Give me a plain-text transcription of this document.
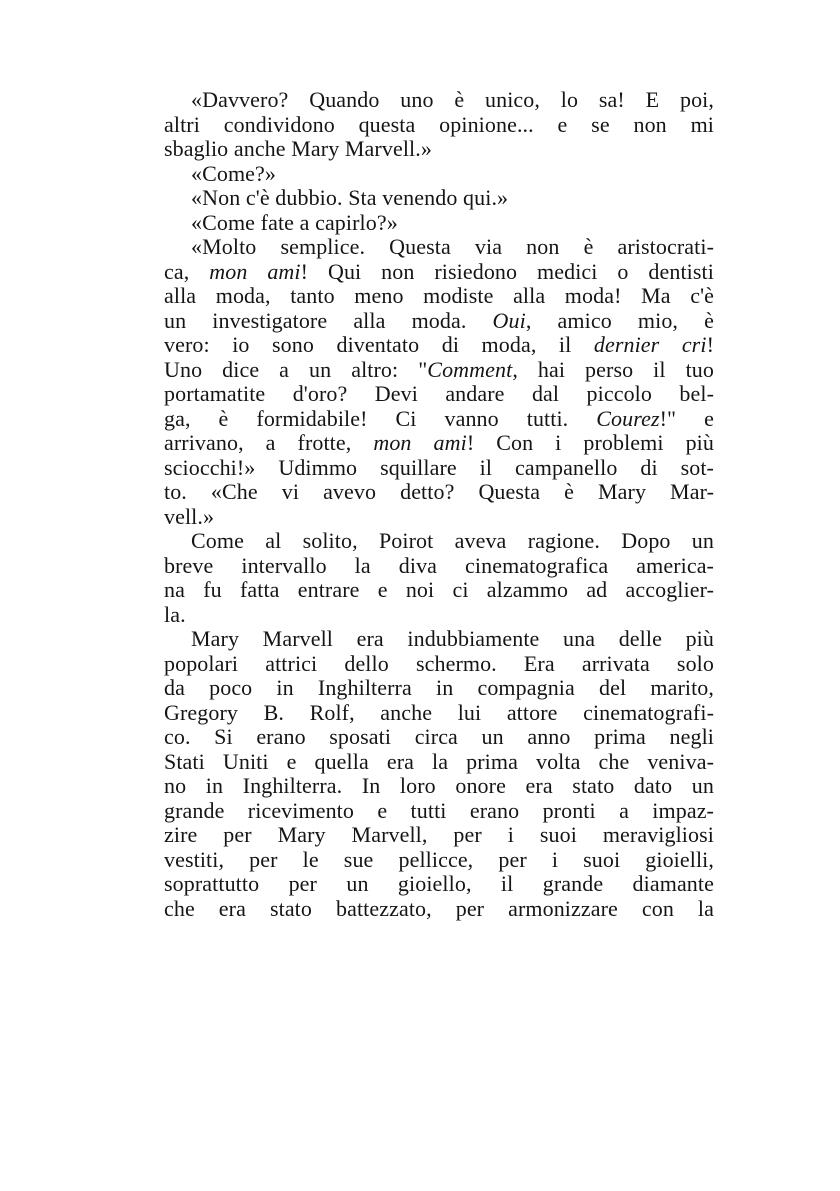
«Davvero? Quando uno è unico, lo sa! E poi,
altri condividono questa opinione... e se non mi
sbaglio anche Mary Marvell.»
«Come?»
«Non c'è dubbio. Sta venendo qui.»
«Come fate a capirlo?»
«Molto semplice. Questa via non è aristocrati-
ca, mon ami! Qui non risiedono medici o dentisti
alla moda, tanto meno modiste alla moda! Ma c'è
un investigatore alla moda. Oui, amico mio, è
vero: io sono diventato di moda, il dernier cri!
Uno dice a un altro: "Comment, hai perso il tuo
portamatite d'oro? Devi andare dal piccolo bel-
ga, è formidabile! Ci vanno tutti. Courez!" e
arrivano, a frotte, mon ami! Con i problemi più
sciocchi!» Udimmo squillare il campanello di sot-
to. «Che vi avevo detto? Questa è Mary Mar-
vell.»
Come al solito, Poirot aveva ragione. Dopo un
breve intervallo la diva cinematografica america-
na fu fatta entrare e noi ci alzammo ad accoglier-
la.
Mary Marvell era indubbiamente una delle più
popolari attrici dello schermo. Era arrivata solo
da poco in Inghilterra in compagnia del marito,
Gregory B. Rolf, anche lui attore cinematografi-
co. Si erano sposati circa un anno prima negli
Stati Uniti e quella era la prima volta che veniva-
no in Inghilterra. In loro onore era stato dato un
grande ricevimento e tutti erano pronti a impaz-
zire per Mary Marvell, per i suoi meravigliosi
vestiti, per le sue pellicce, per i suoi gioielli,
soprattutto per un gioiello, il grande diamante
che era stato battezzato, per armonizzare con la
